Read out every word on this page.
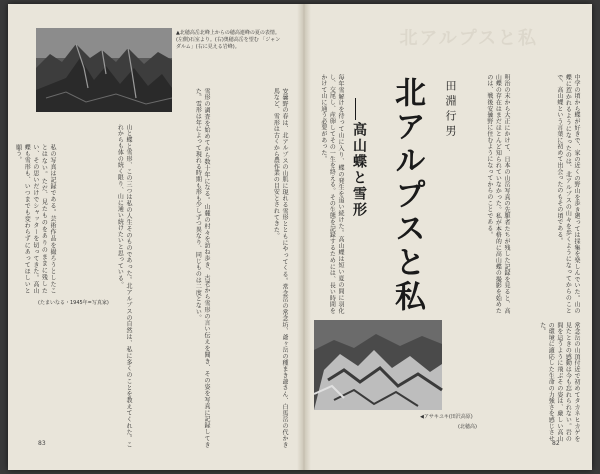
▲北穂高岳北峰上からの穂高連峰の夏の表情。(左側)石室より。(右)奥穂高岳を望む 「ジャンダルム」(右に見える岩峰)。
安曇野の春は、北アルプスの山肌に現れる雪形とともにやってくる。常念岳の常念坊、爺ヶ岳の種まき爺さん、白馬岳の代かき馬など、雪形は古くから農作業の目安とされてきた。
雪形の調査を始めてから数十年になる。山麓の村々を訪ね歩き、古老から雪形の言い伝えを聞き、その姿を写真に記録してきた。雪形は年によって現れる時期も形も少しずつ異なり、同じものは二度とない。
山と蝶と雪形、この三つは私の人生そのものであった。北アルプスの自然は、私に多くのことを教えてくれた。これからも体の続く限り、山に通い続けたいと思っている。
私の写真は記録である。芸術作品を撮ろうとしたことはない。ただ、見たものをありのままに残したい、その思いだけでシャッターを切ってきた。高山蝶も雪形も、いつまでも変わらずにあってほしいと願う。
(たまいなる・1945年=写真家)
83
北アルプスと私
中学の頃から蝶が好きで、家の近くの野山を歩き廻っては採集を楽しんでいた。山の蝶に惹かれるようになったのは、北アルプスの山々を歩くようになってからのことで、高山蝶という言葉に初めて出会ったのもその頃である。
明治の末から大正にかけて、日本の山岳写真の先駆者たちが残した記録を見ると、高山蝶の存在はまだほとんど知られていなかった。私が本格的に高山蝶の撮影を始めたのは、戦後安曇野に住むようになってからのことである。
田淵行男
北アルプスと私
高山蝶と雪形
毎年雪解けを待って山に入り、蝶の発生を追い続けた。高山蝶は短い夏の間に羽化し、交尾し、産卵してその一生を終える。その生態を記録するためには、長い時間をかけて山に通う必要があった。
常念岳の山頂付近で初めてタカネヒカゲを見たときの感動は今も忘れられない。岩の間を這うように飛ぶその姿は、厳しい高山の環境に適応した生命の力強さを感じさせた。
◀アサキユキ(田沢高原)
(北穂高)
82
